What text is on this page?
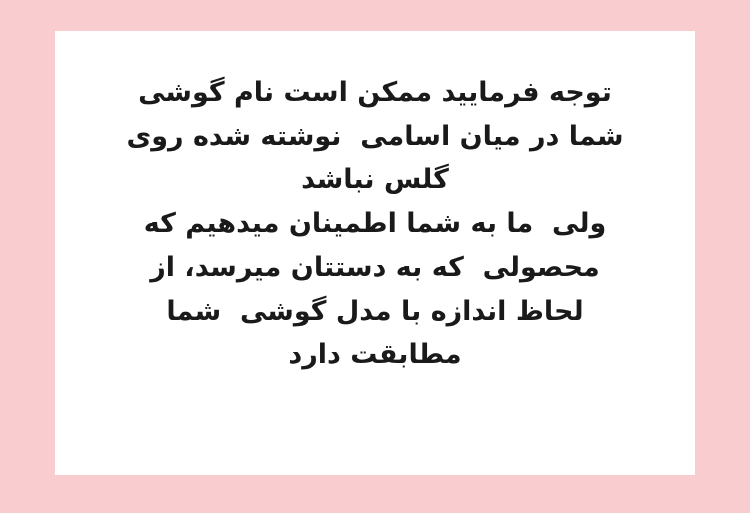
توجه فرمایید ممکن است نام گوشی
شما در میان اسامی  نوشته شده روی
گلس نباشد
ولی  ما به شما اطمینان میدهیم که
محصولی  که به دستتان میرسد، از
لحاظ اندازه با مدل گوشی  شما
مطابقت دارد
